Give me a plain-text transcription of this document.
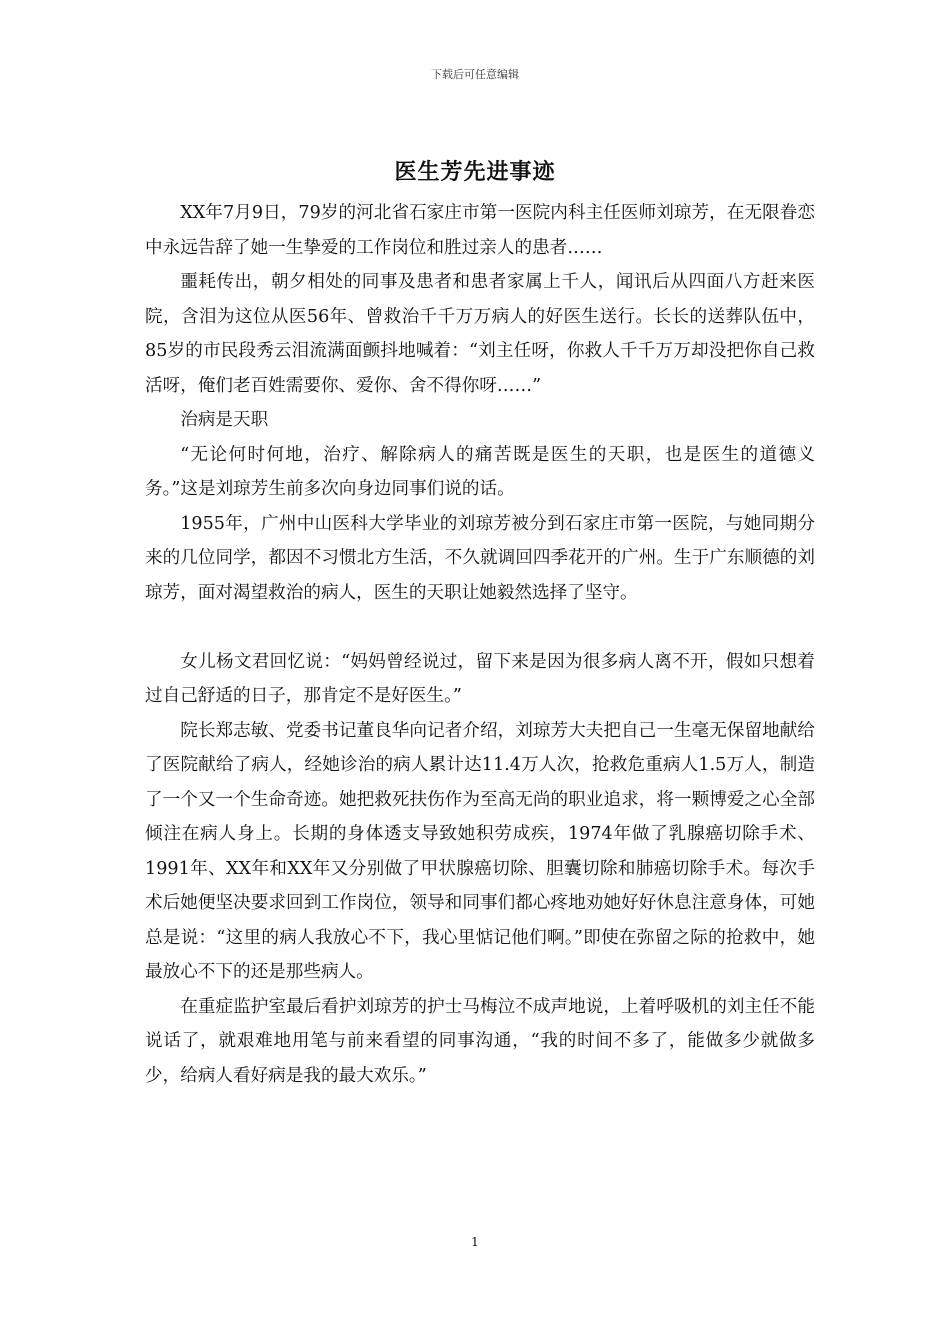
下载后可任意编辑
医生芳先进事迹

XX年7月9日，79岁的河北省石家庄市第一医院内科主任医师刘琼芳，在无限眷恋中永远告辞了她一生挚爱的工作岗位和胜过亲人的患者……

噩耗传出，朝夕相处的同事及患者和患者家属上千人，闻讯后从四面八方赶来医院，含泪为这位从医56年、曾救治千千万万病人的好医生送行。长长的送葬队伍中，85岁的市民段秀云泪流满面颤抖地喊着：“刘主任呀，你救人千千万万却没把你自己救活呀，俺们老百姓需要你、爱你、舍不得你呀……”

治病是天职

“无论何时何地，治疗、解除病人的痛苦既是医生的天职，也是医生的道德义务。”这是刘琼芳生前多次向身边同事们说的话。

1955年，广州中山医科大学毕业的刘琼芳被分到石家庄市第一医院，与她同期分来的几位同学，都因不习惯北方生活，不久就调回四季花开的广州。生于广东顺德的刘琼芳，面对渴望救治的病人，医生的天职让她毅然选择了坚守。

女儿杨文君回忆说：“妈妈曾经说过，留下来是因为很多病人离不开，假如只想着过自己舒适的日子，那肯定不是好医生。”

院长郑志敏、党委书记董良华向记者介绍，刘琼芳大夫把自己一生毫无保留地献给了医院献给了病人，经她诊治的病人累计达11.4万人次，抢救危重病人1.5万人，制造了一个又一个生命奇迹。她把救死扶伤作为至高无尚的职业追求，将一颗博爱之心全部倾注在病人身上。长期的身体透支导致她积劳成疾，1974年做了乳腺癌切除手术、1991年、XX年和XX年又分别做了甲状腺癌切除、胆囊切除和肺癌切除手术。每次手术后她便坚决要求回到工作岗位，领导和同事们都心疼地劝她好好休息注意身体，可她总是说：“这里的病人我放心不下，我心里惦记他们啊。”即使在弥留之际的抢救中，她最放心不下的还是那些病人。

在重症监护室最后看护刘琼芳的护士马梅泣不成声地说，上着呼吸机的刘主任不能说话了，就艰难地用笔与前来看望的同事沟通，“我的时间不多了，能做多少就做多少，给病人看好病是我的最大欢乐。”

1
